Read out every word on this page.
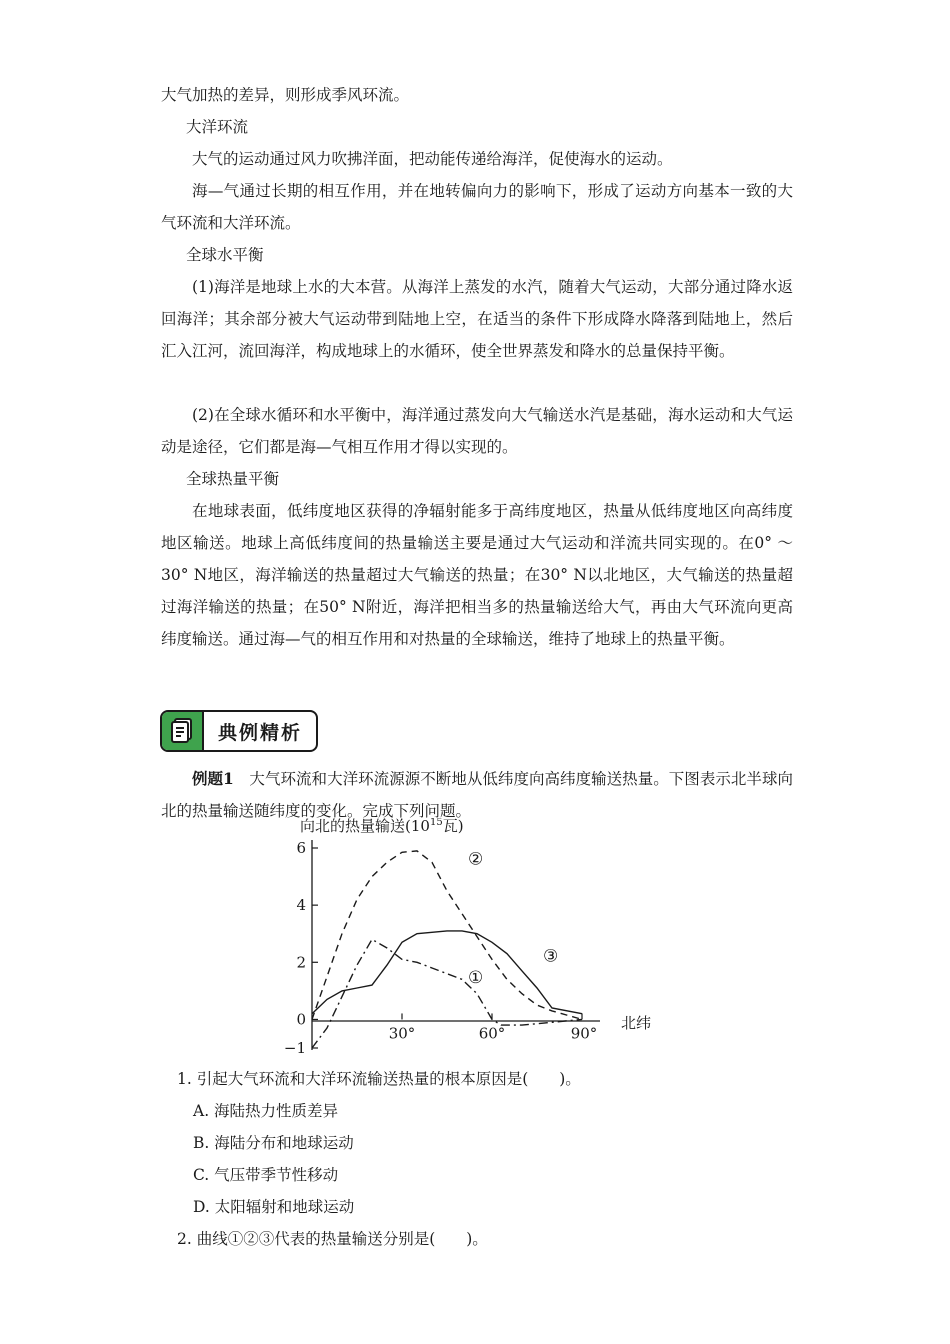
大气加热的差异，则形成季风环流。
大洋环流
大气的运动通过风力吹拂洋面，把动能传递给海洋，促使海水的运动。
海—气通过长期的相互作用，并在地转偏向力的影响下，形成了运动方向基本一致的大气环流和大洋环流。
全球水平衡
(1)海洋是地球上水的大本营。从海洋上蒸发的水汽，随着大气运动，大部分通过降水返回海洋；其余部分被大气运动带到陆地上空，在适当的条件下形成降水降落到陆地上，然后汇入江河，流回海洋，构成地球上的水循环，使全世界蒸发和降水的总量保持平衡。
(2)在全球水循环和水平衡中，海洋通过蒸发向大气输送水汽是基础，海水运动和大气运动是途径，它们都是海—气相互作用才得以实现的。
全球热量平衡
在地球表面，低纬度地区获得的净辐射能多于高纬度地区，热量从低纬度地区向高纬度地区输送。地球上高低纬度间的热量输送主要是通过大气运动和洋流共同实现的。在0° ～30° N地区，海洋输送的热量超过大气输送的热量；在30° N以北地区，大气输送的热量超过海洋输送的热量；在50° N附近，海洋把相当多的热量输送给大气，再由大气环流向更高纬度输送。通过海—气的相互作用和对热量的全球输送，维持了地球上的热量平衡。
典例精析
例题1　 大气环流和大洋环流源源不断地从低纬度向高纬度输送热量。下图表示北半球向北的热量输送随纬度的变化。完成下列问题。
向北的热量输送($10^{15}$瓦)
6
4
2
0
−1
30°	60°	90°
北纬
①
②
③
1. 引起大气环流和大洋环流输送热量的根本原因是(　　)。
A. 海陆热力性质差异
B. 海陆分布和地球运动
C. 气压带季节性移动
D. 太阳辐射和地球运动
2. 曲线①②③代表的热量输送分别是(　　)。
